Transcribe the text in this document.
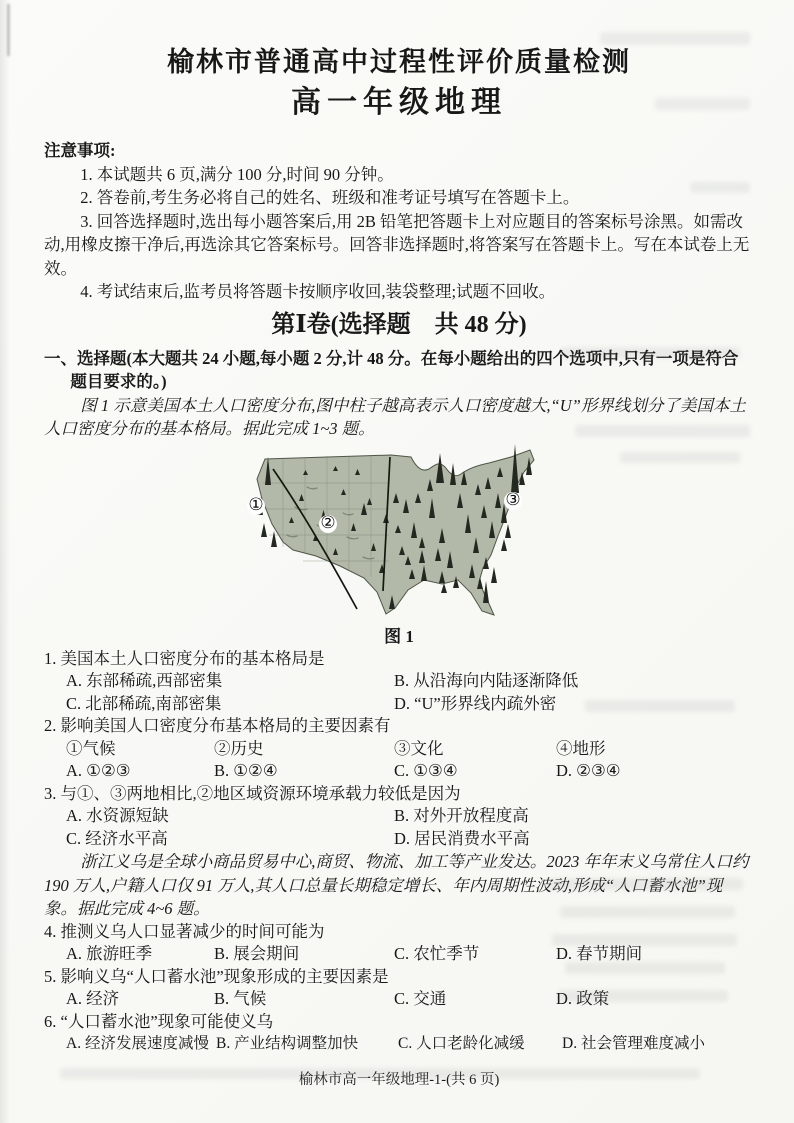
榆林市普通高中过程性评价质量检测
高一年级地理

注意事项:

1. 本试题共 6 页,满分 100 分,时间 90 分钟。

2. 答卷前,考生务必将自己的姓名、班级和准考证号填写在答题卡上。

3. 回答选择题时,选出每小题答案后,用 2B 铅笔把答题卡上对应题目的答案标号涂黑。如需改动,用橡皮擦干净后,再选涂其它答案标号。回答非选择题时,将答案写在答题卡上。写在本试卷上无效。

4. 考试结束后,监考员将答题卡按顺序收回,装袋整理;试题不回收。

第Ⅰ卷(选择题　共 48 分)

一、选择题(本大题共 24 小题,每小题 2 分,计 48 分。在每小题给出的四个选项中,只有一项是符合题目要求的。)

图 1 示意美国本土人口密度分布,图中柱子越高表示人口密度越大,“U”形界线划分了美国本土人口密度分布的基本格局。据此完成 1~3 题。

①
②
③
图 1

1. 美国本土人口密度分布的基本格局是

A. 东部稀疏,西部密集	B. 从沿海向内陆逐渐降低
C. 北部稀疏,南部密集	D. “U”形界线内疏外密

2. 影响美国人口密度分布基本格局的主要因素有

①气候	②历史	③文化	④地形
A. ①②③	B. ①②④	C. ①③④	D. ②③④

3. 与①、③两地相比,②地区域资源环境承载力较低是因为

A. 水资源短缺	B. 对外开放程度高
C. 经济水平高	D. 居民消费水平高

浙江义乌是全球小商品贸易中心,商贸、物流、加工等产业发达。2023 年年末义乌常住人口约 190 万人,户籍人口仅 91 万人,其人口总量长期稳定增长、年内周期性波动,形成“人口蓄水池”现象。据此完成 4~6 题。

4. 推测义乌人口显著减少的时间可能为

A. 旅游旺季	B. 展会期间	C. 农忙季节	D. 春节期间

5. 影响义乌“人口蓄水池”现象形成的主要因素是

A. 经济	B. 气候	C. 交通	D. 政策

6. “人口蓄水池”现象可能使义乌

A. 经济发展速度减慢 B. 产业结构调整加快	C. 人口老龄化减缓	D. 社会管理难度减小
榆林市高一年级地理-1-(共 6 页)
